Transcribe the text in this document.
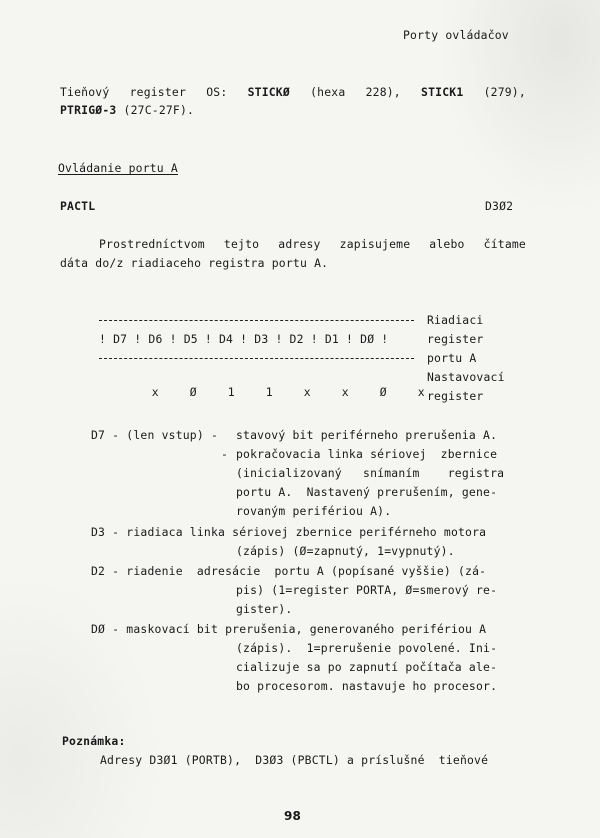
Porty ovládačov
Tieňový register OS: STICKØ (hexa 228), STICK1 (279),
PTRIGØ-3 (27C-27F).
Ovládanie portu A
PACTL	D3Ø2
Prostredníctvom tejto adresy zapisujeme alebo čítame
dáta do/z riadiaceho registra portu A.
! D7 ! D6 ! D5 ! D4 ! D3 ! D2 ! D1 ! DØ !

x	Ø	1	1	x	x	Ø	x

Riadiaci
register
portu A
Nastavovací
register
D7 - (len vstup) - stavový bit periférneho prerušenia A.
- pokračovacia linka sériovej  zbernice
(inicializovaný   snímaním    registra
portu A.  Nastavený prerušením, gene-
rovaným perifériou A).
D3 - riadiaca linka sériovej zbernice periférneho motora
(zápis) (Ø=zapnutý, 1=vypnutý).
D2 - riadenie  adresácie  portu A (popísané vyššie) (zá-
pis) (1=register PORTA, Ø=smerový re-
gister).
DØ - maskovací bit prerušenia, generovaného perifériou A
(zápis).  1=prerušenie povolené. Ini-
cializuje sa po zapnutí počítača ale-
bo procesorom. nastavuje ho procesor.
Poznámka:
Adresy D3Ø1 (PORTB),  D3Ø3 (PBCTL) a príslušné  tieňové
98
